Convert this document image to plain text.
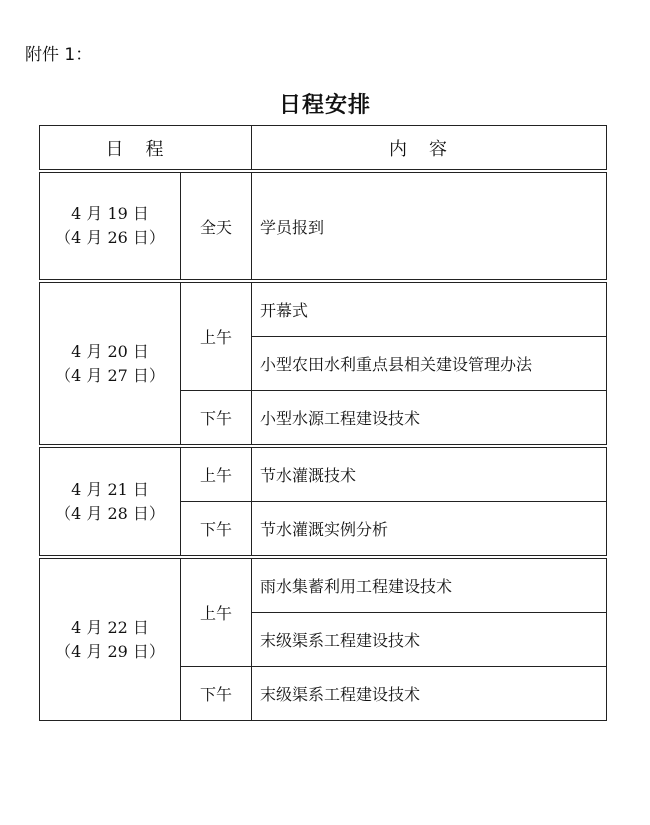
附件 1：
日程安排
日程		内容

4 月 19 日
（4 月 26 日）	全天	学员报到

4 月 20 日
（4 月 27 日）	上午	开幕式
		小型农田水利重点县相关建设管理办法
	下午	小型水源工程建设技术

4 月 21 日
（4 月 28 日）	上午	节水灌溉技术
	下午	节水灌溉实例分析

4 月 22 日
（4 月 29 日）	上午	雨水集蓄利用工程建设技术
		末级渠系工程建设技术
	下午	末级渠系工程建设技术
